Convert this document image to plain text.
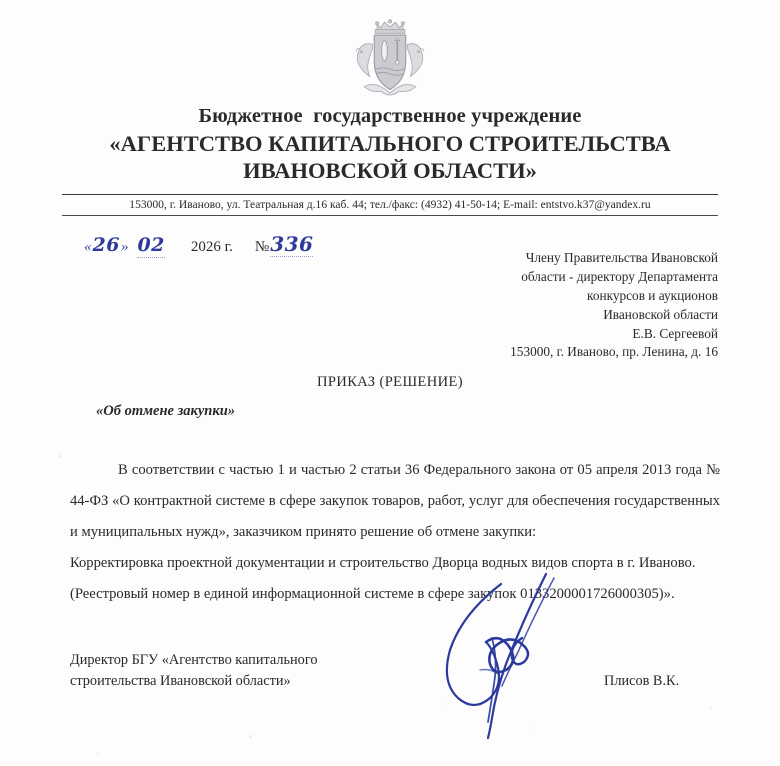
Бюджетное  государственное учреждение
«АГЕНТСТВО КАПИТАЛЬНОГО СТРОИТЕЛЬСТВА
ИВАНОВСКОЙ ОБЛАСТИ»
153000, г. Иваново, ул. Театральная д.16 каб. 44; тел./факс: (4932) 41-50-14; E-mail: entstvo.k37@yandex.ru
« 26 » 02 2026 г. № 336
Члену Правительства Ивановской
области - директору Департамента
конкурсов и аукционов
Ивановской области
Е.В. Сергеевой
153000, г. Иваново, пр. Ленина, д. 16
ПРИКАЗ (РЕШЕНИЕ)
«Об отмене закупки»

В соответствии с частью 1 и частью 2 статьи 36 Федерального закона от 05 апреля 2013 года № 44-ФЗ «О контрактной системе в сфере закупок товаров, работ, услуг для обеспечения государственных и муниципальных нужд», заказчиком принято решение об отмене закупки:

Корректировка проектной документации и строительство Дворца водных видов спорта в г. Иваново.

(Реестровый номер в единой информационной системе в сфере закупок 0133200001726000305)».

Директор БГУ «Агентство капитального
строительства Ивановской области»	Плисов В.К.
